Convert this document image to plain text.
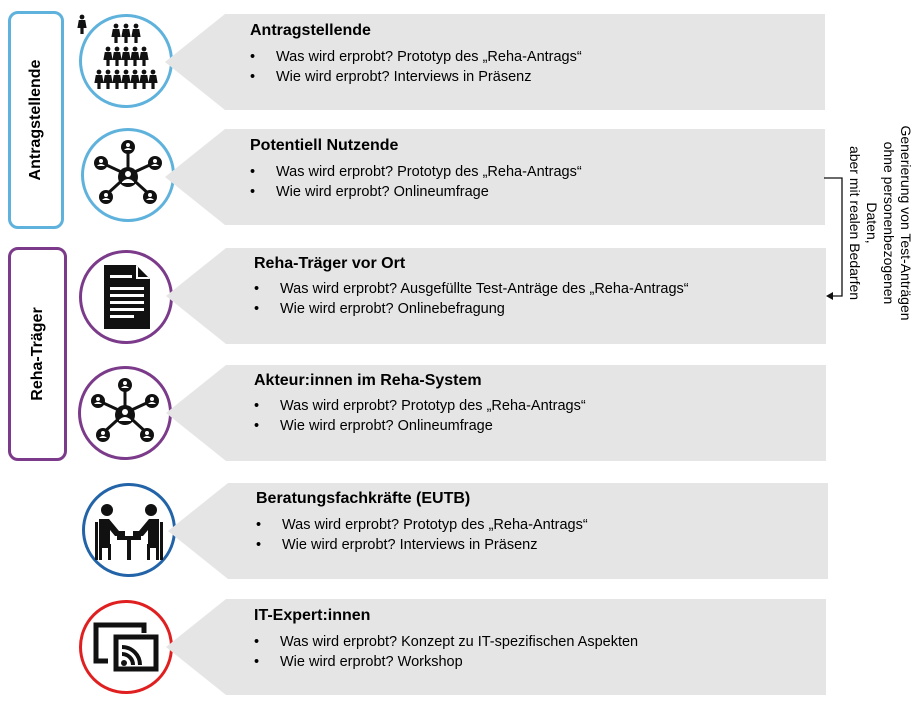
Antragstellende
Reha-Träger
Antragstellende
• Was wird erprobt? Prototyp des „Reha-Antrags“
• Wie wird erprobt? Interviews in Präsenz
Potentiell Nutzende
• Was wird erprobt? Prototyp des „Reha-Antrags“
• Wie wird erprobt? Onlineumfrage
Reha-Träger vor Ort
• Was wird erprobt? Ausgefüllte Test-Anträge des „Reha-Antrags“
• Wie wird erprobt? Onlinebefragung
Akteur:innen im Reha-System
• Was wird erprobt? Prototyp des „Reha-Antrags“
• Wie wird erprobt? Onlineumfrage
Beratungsfachkräfte (EUTB)
• Was wird erprobt? Prototyp des „Reha-Antrags“
• Wie wird erprobt? Interviews in Präsenz
IT-Expert:innen
• Was wird erprobt? Konzept zu IT-spezifischen Aspekten
• Wie wird erprobt? Workshop
Generierung von Test-Anträgen
ohne personenbezogenen Daten,
aber mit realen Bedarfen
